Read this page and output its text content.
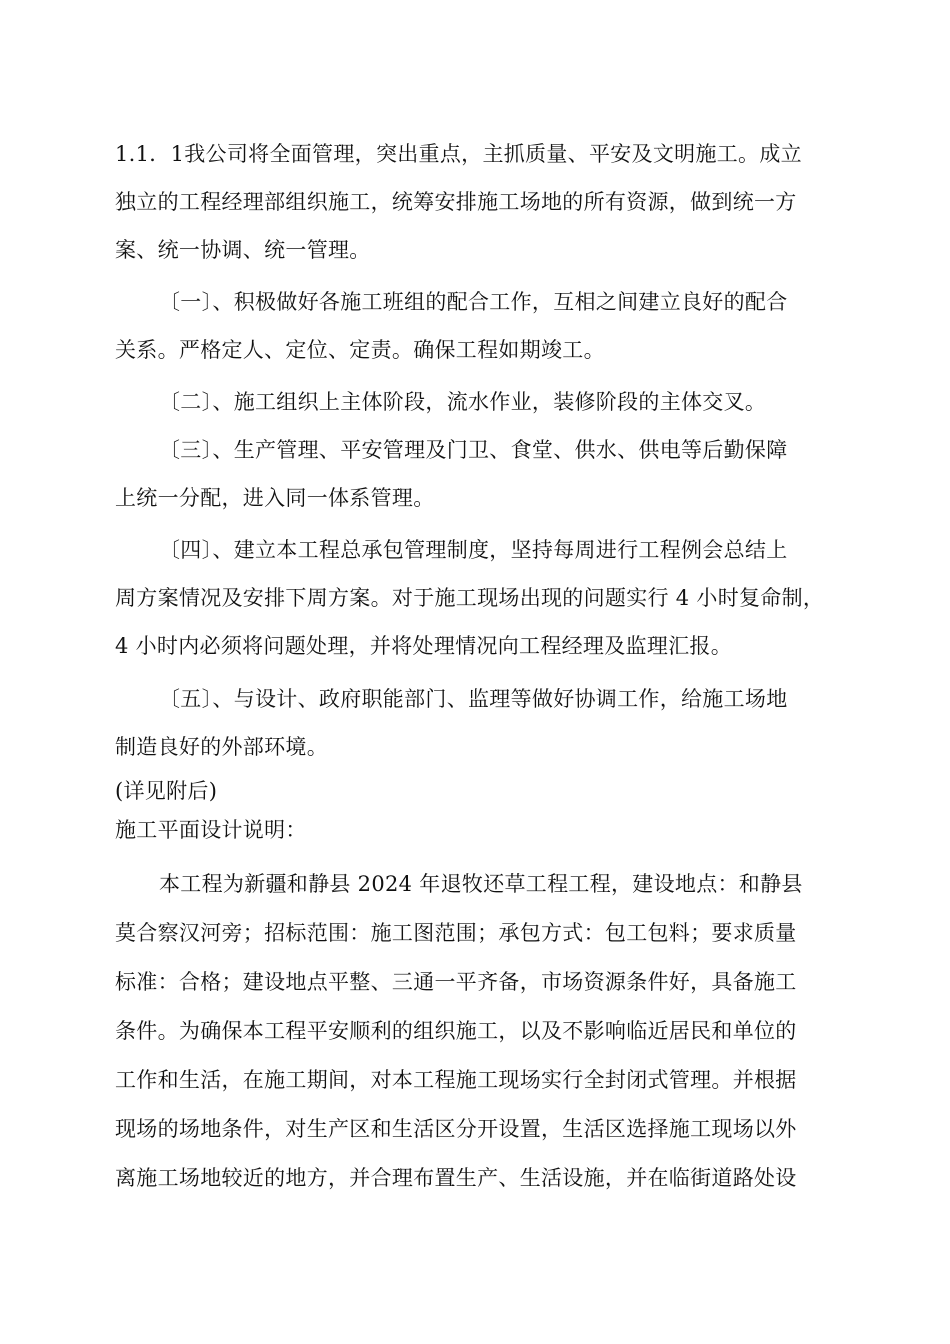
1.1．1我公司将全面管理，突出重点，主抓质量、平安及文明施工。成立
独立的工程经理部组织施工，统筹安排施工场地的所有资源，做到统一方
案、统一协调、统一管理。
〔一〕、积极做好各施工班组的配合工作，互相之间建立良好的配合
关系。严格定人、定位、定责。确保工程如期竣工。
〔二〕、施工组织上主体阶段，流水作业，装修阶段的主体交叉。
〔三〕、生产管理、平安管理及门卫、食堂、供水、供电等后勤保障
上统一分配，进入同一体系管理。
〔四〕、建立本工程总承包管理制度，坚持每周进行工程例会总结上
周方案情况及安排下周方案。对于施工现场出现的问题实行 4 小时复命制，
4 小时内必须将问题处理，并将处理情况向工程经理及监理汇报。
〔五〕、与设计、政府职能部门、监理等做好协调工作，给施工场地
制造良好的外部环境。
(详见附后)
施工平面设计说明：
本工程为新疆和静县 2024 年退牧还草工程工程，建设地点：和静县
莫合察汉河旁；招标范围：施工图范围；承包方式：包工包料；要求质量
标准：合格；建设地点平整、三通一平齐备，市场资源条件好，具备施工
条件。为确保本工程平安顺利的组织施工，以及不影响临近居民和单位的
工作和生活，在施工期间，对本工程施工现场实行全封闭式管理。并根据
现场的场地条件，对生产区和生活区分开设置，生活区选择施工现场以外
离施工场地较近的地方，并合理布置生产、生活设施，并在临街道路处设
